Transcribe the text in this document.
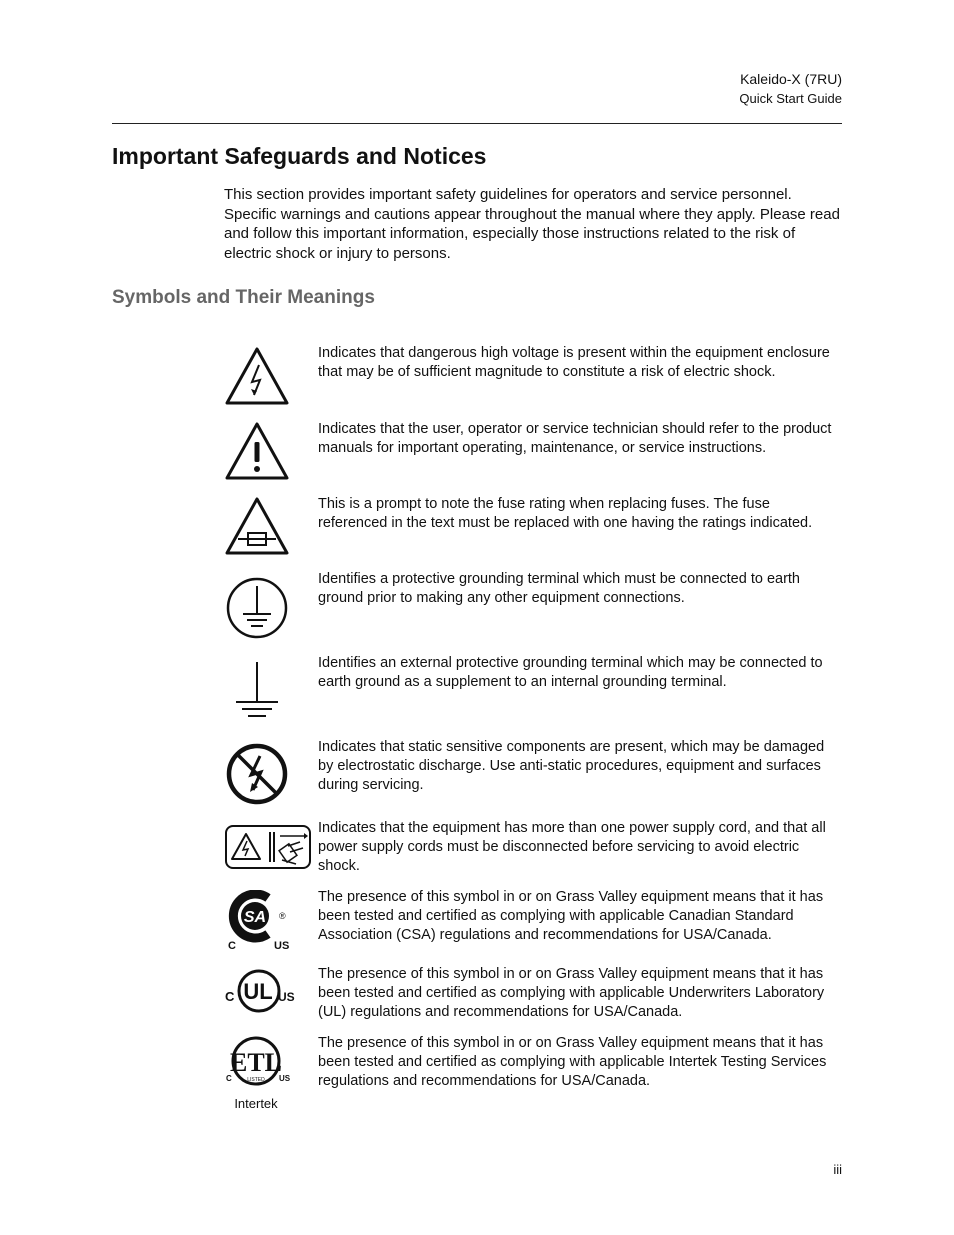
Kaleido-X (7RU)
Quick Start Guide
Important Safeguards and Notices

This section provides important safety guidelines for operators and service personnel. Specific warnings and cautions appear throughout the manual where they apply. Please read and follow this important information, especially those instructions related to the risk of electric shock or injury to persons.

Symbols and Their Meanings

Indicates that dangerous high voltage is present within the equipment enclosure that may be of sufficient magnitude to constitute a risk of electric shock.

Indicates that the user, operator or service technician should refer to the product manuals for important operating, maintenance, or service instructions.

This is a prompt to note the fuse rating when replacing fuses. The fuse referenced in the text must be replaced with one having the ratings indicated.

Identifies a protective grounding terminal which must be connected to earth ground prior to making any other equipment connections.

Identifies an external protective grounding terminal which may be connected to earth ground as a supplement to an internal grounding terminal.

Indicates that static sensitive components are present, which may be damaged by electrostatic discharge. Use anti-static procedures, equipment and surfaces during servicing.

Indicates that the equipment has more than one power supply cord, and that all power supply cords must be disconnected before servicing to avoid electric shock.

SA ®
C	US

The presence of this symbol in or on Grass Valley equipment means that it has been tested and certified as complying with applicable Canadian Standard Association (CSA) regulations and recommendations for USA/Canada.

UL
C	US

The presence of this symbol in or on Grass Valley equipment means that it has been tested and certified as complying with applicable Underwriters Laboratory (UL) regulations and recommendations for USA/Canada.

ETL
LISTED
C	US
Intertek

The presence of this symbol in or on Grass Valley equipment means that it has been tested and certified as complying with applicable Intertek Testing Services regulations and recommendations for USA/Canada.

iii
